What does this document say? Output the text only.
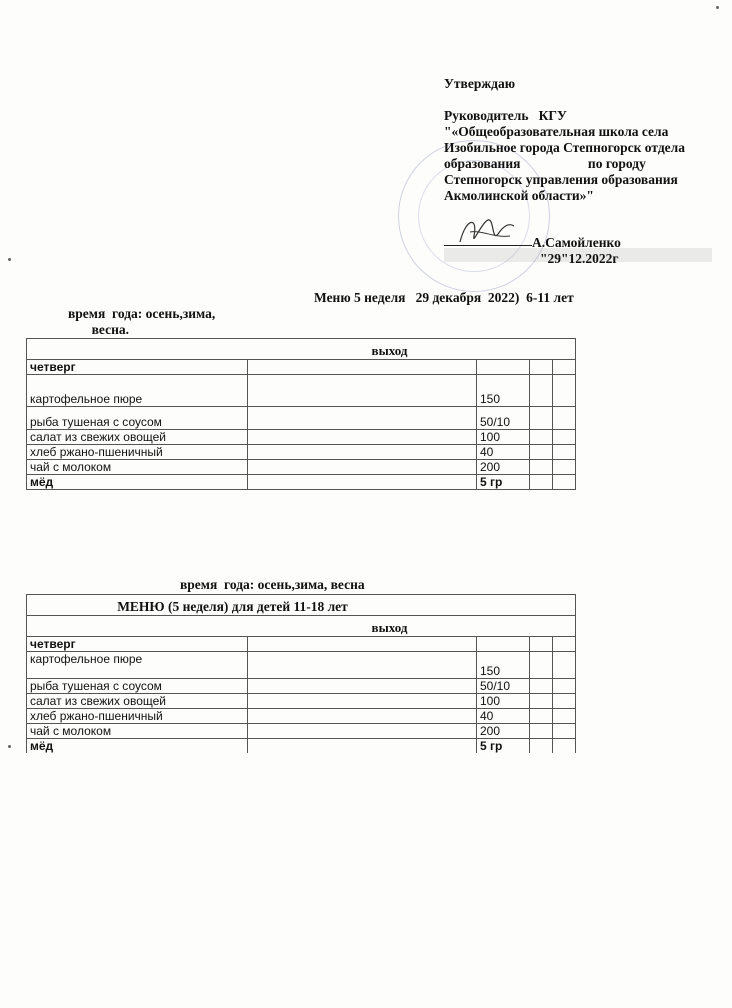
Утверждаю
Руководитель   КГУ
"«Общеобразовательная школа села
Изобильное города Степногорск отдела
образования                    по городу
Степногорск управления образования
Акмолинской области»"
А.Самойленко
"29"12.2022г
Меню 5 неделя   29 декабря  2022)  6-11 лет
время  года: осень,зима,
весна.
выход				
четверг				
картофельное пюре		150		
рыба тушеная с соусом		50/10		
салат из свежих овощей		100		
хлеб ржано-пшеничный		40		
чай с молоком		200		
мёд		5 гр		
время  года: осень,зима, весна
МЕНЮ (5 неделя) для детей 11-18 лет				
выход				
четверг				
картофельное пюре		150		
рыба тушеная с соусом		50/10		
салат из свежих овощей		100		
хлеб ржано-пшеничный		40		
чай с молоком		200		
мёд		5 гр		
